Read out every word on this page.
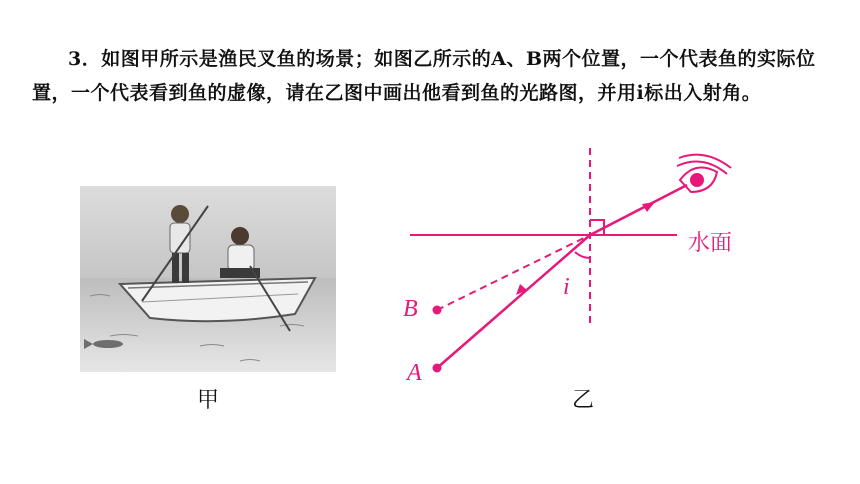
3．如图甲所示是渔民叉鱼的场景；如图乙所示的A、B两个位置，一个代表鱼的实际位置，一个代表看到鱼的虚像，请在乙图中画出他看到鱼的光路图，并用i标出入射角。
甲
水面
B
A
i
乙
